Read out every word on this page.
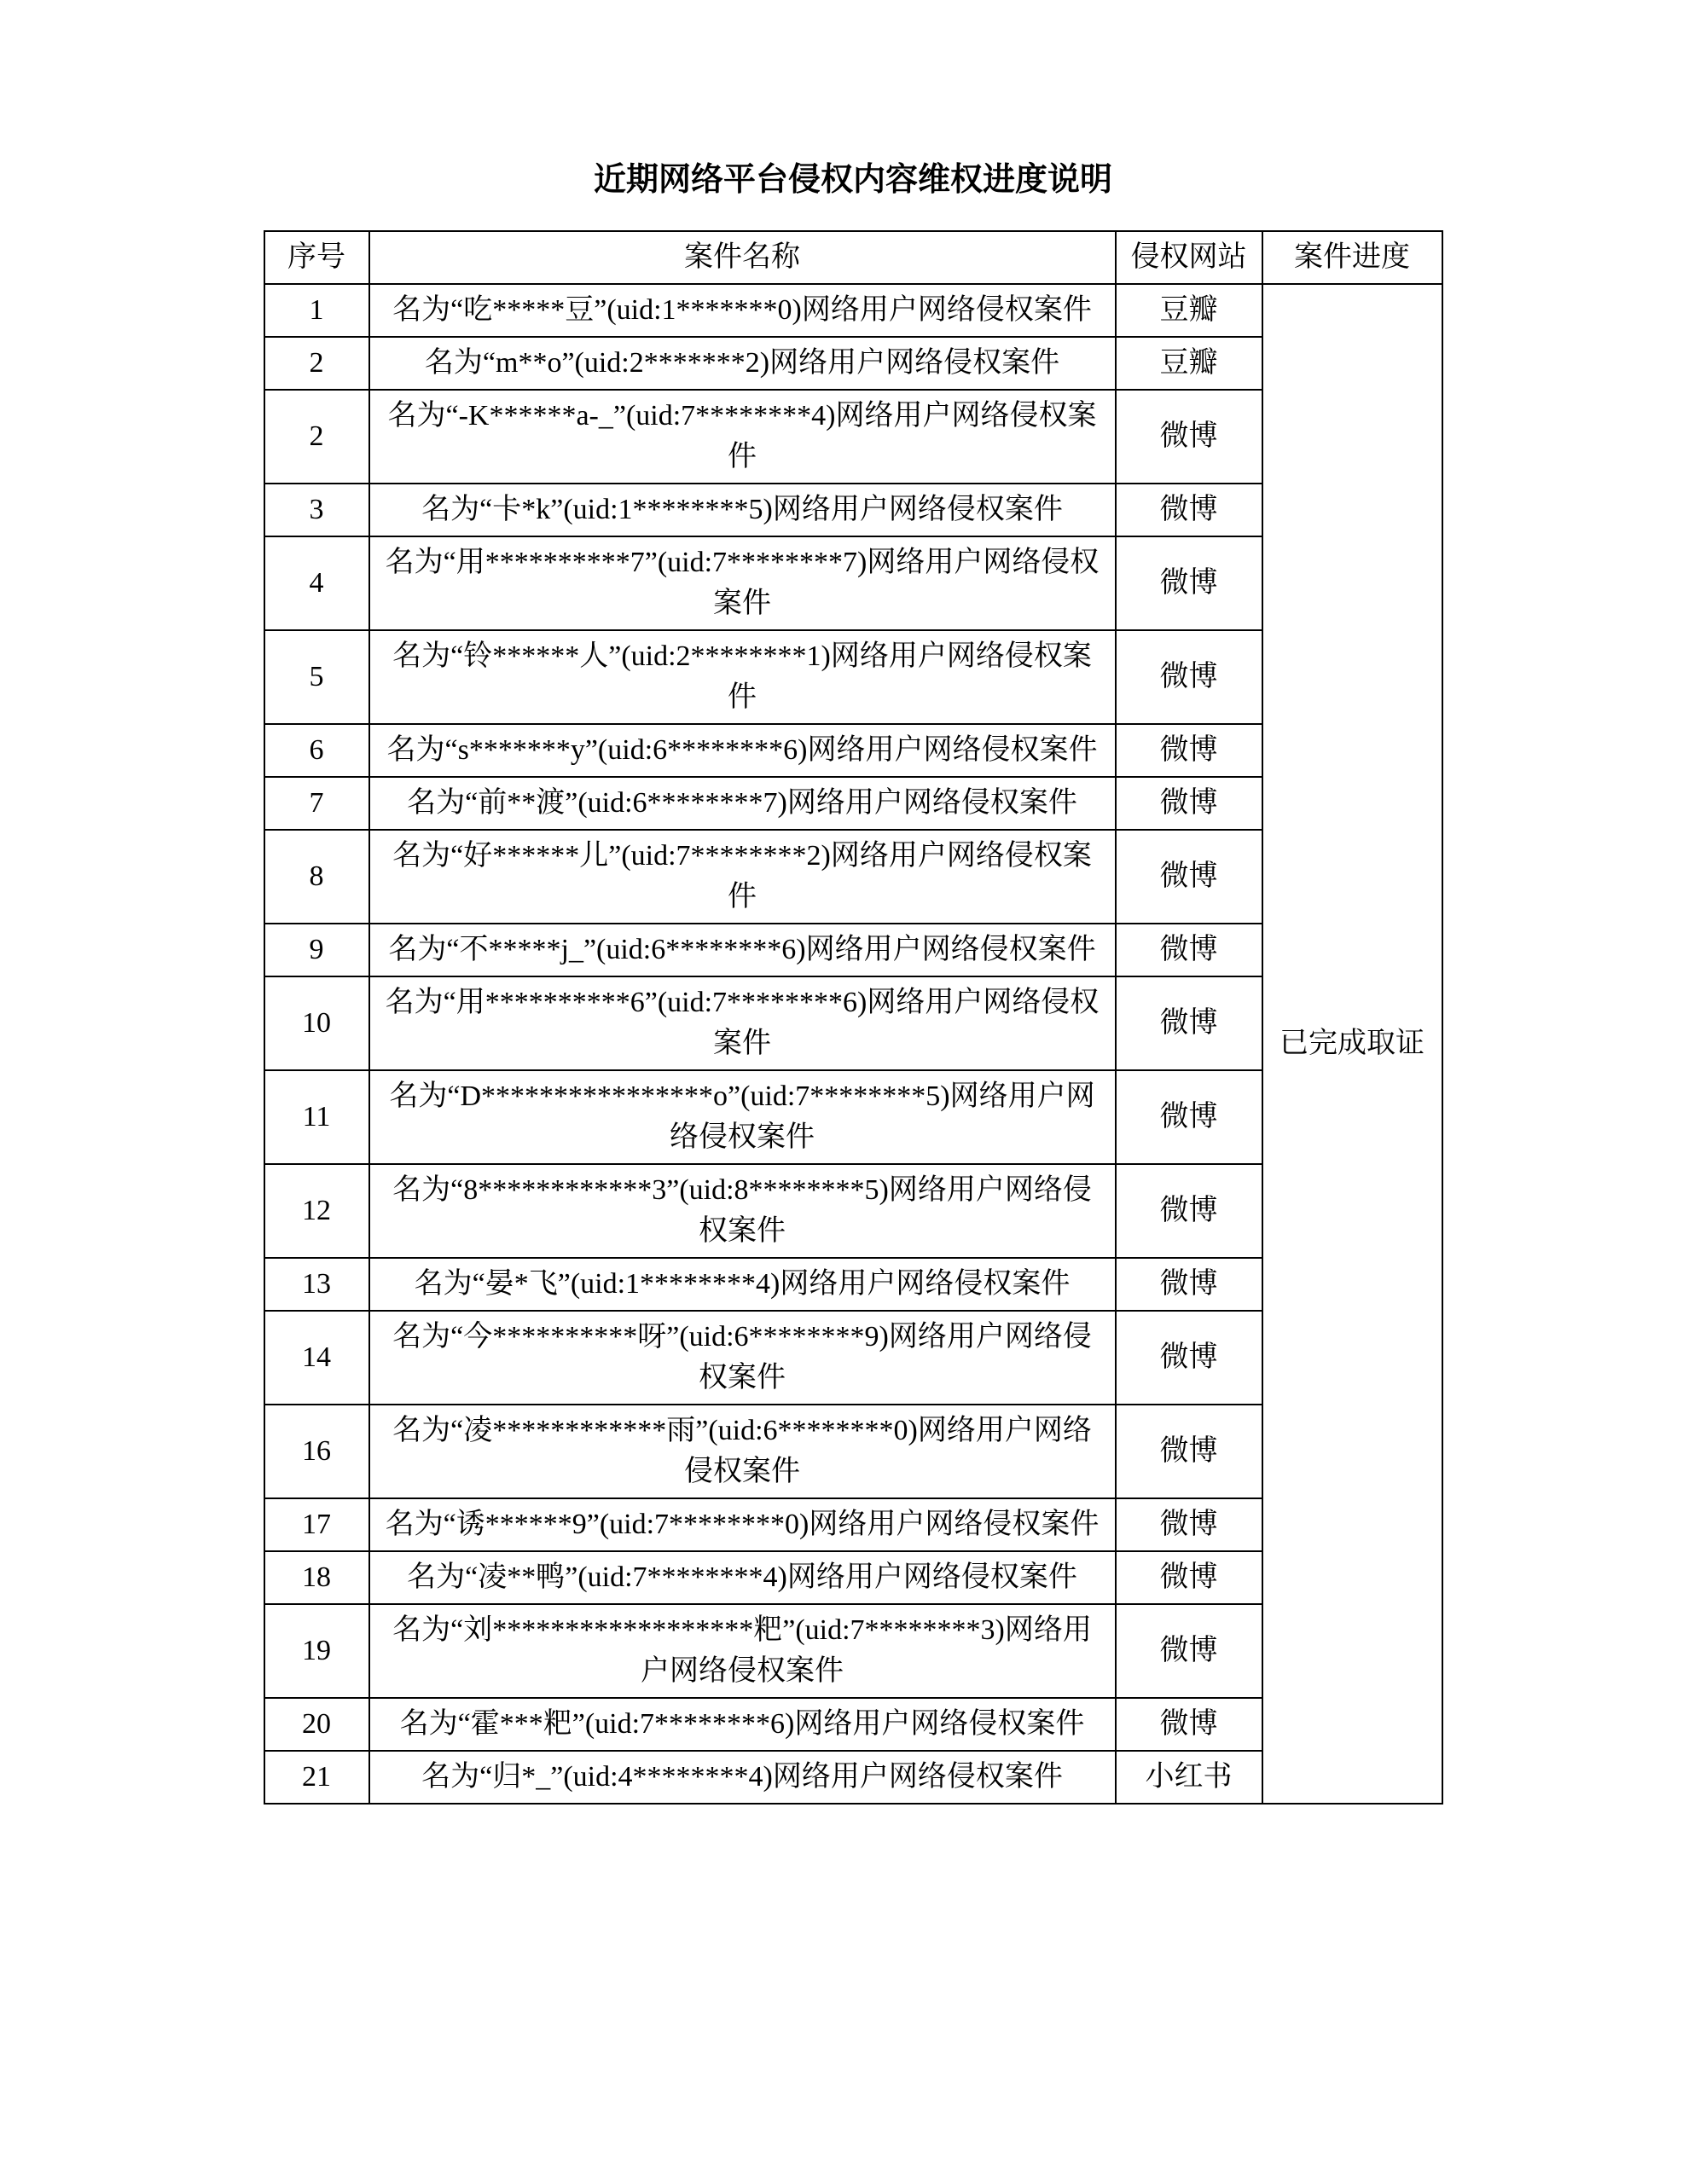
近期网络平台侵权内容维权进度说明
序号	案件名称	侵权网站	案件进度
1	名为“吃*****豆”(uid:1*******0)网络用户网络侵权案件	豆瓣	已完成取证
2	名为“m**o”(uid:2*******2)网络用户网络侵权案件	豆瓣	
2	名为“-K******a-_”(uid:7********4)网络用户网络侵权案件	微博	
3	名为“卡*k”(uid:1********5)网络用户网络侵权案件	微博	
4	名为“用**********7”(uid:7********7)网络用户网络侵权案件	微博	
5	名为“铃******人”(uid:2********1)网络用户网络侵权案件	微博	
6	名为“s*******y”(uid:6********6)网络用户网络侵权案件	微博	
7	名为“前**渡”(uid:6********7)网络用户网络侵权案件	微博	
8	名为“好******儿”(uid:7********2)网络用户网络侵权案件	微博	
9	名为“不*****j_”(uid:6********6)网络用户网络侵权案件	微博	
10	名为“用**********6”(uid:7********6)网络用户网络侵权案件	微博	
11	名为“D****************o”(uid:7********5)网络用户网络侵权案件	微博	
12	名为“8************3”(uid:8********5)网络用户网络侵权案件	微博	
13	名为“晏*飞”(uid:1********4)网络用户网络侵权案件	微博	
14	名为“今**********呀”(uid:6********9)网络用户网络侵权案件	微博	
16	名为“凌************雨”(uid:6********0)网络用户网络侵权案件	微博	
17	名为“诱******9”(uid:7********0)网络用户网络侵权案件	微博	
18	名为“凌**鸭”(uid:7********4)网络用户网络侵权案件	微博	
19	名为“刘******************粑”(uid:7********3)网络用户网络侵权案件	微博	
20	名为“霍***粑”(uid:7********6)网络用户网络侵权案件	微博	
21	名为“归*_”(uid:4********4)网络用户网络侵权案件	小红书	
